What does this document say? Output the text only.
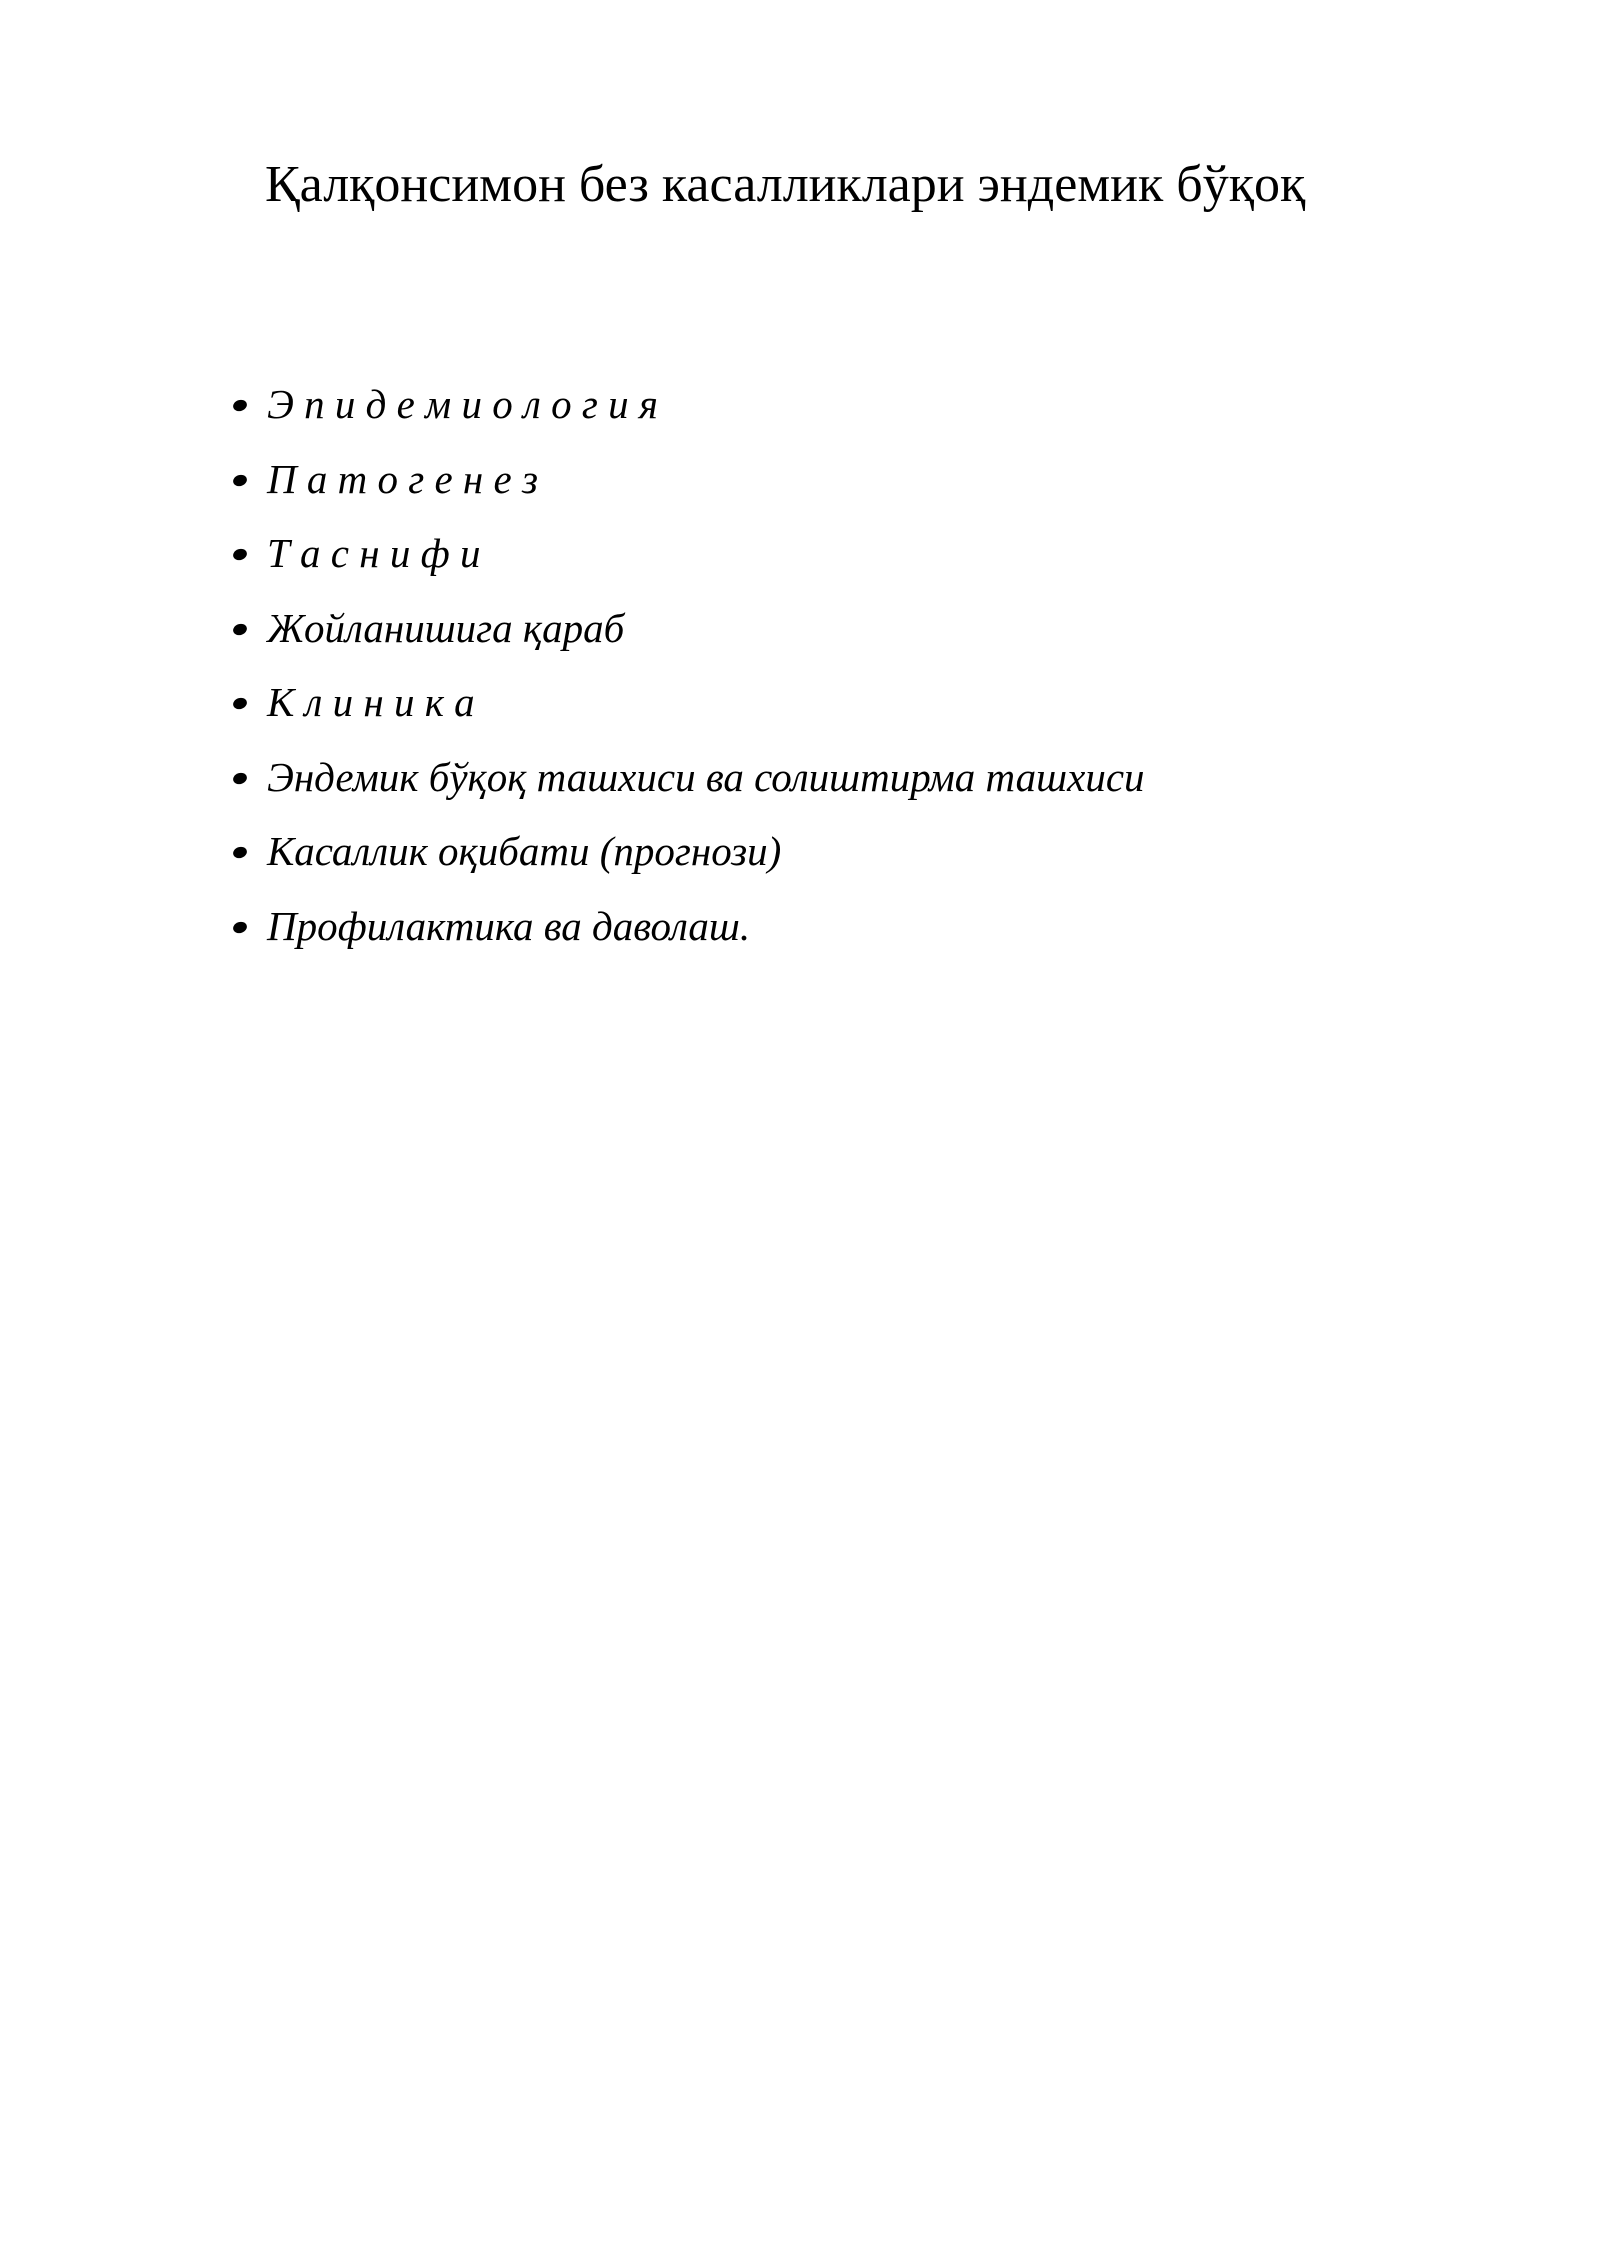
Қалқонсимон без касалликлари эндемик бўқоқ
Э п и д е м и о л о г и я
П а т о г е н е з
Т а с н и ф и
Жойланишига қараб
К л и н и к а
Эндемик бўқоқ ташхиси ва солиштирма ташхиси
Касаллик оқибати (прогнози)
Профилактика ва даволаш.
